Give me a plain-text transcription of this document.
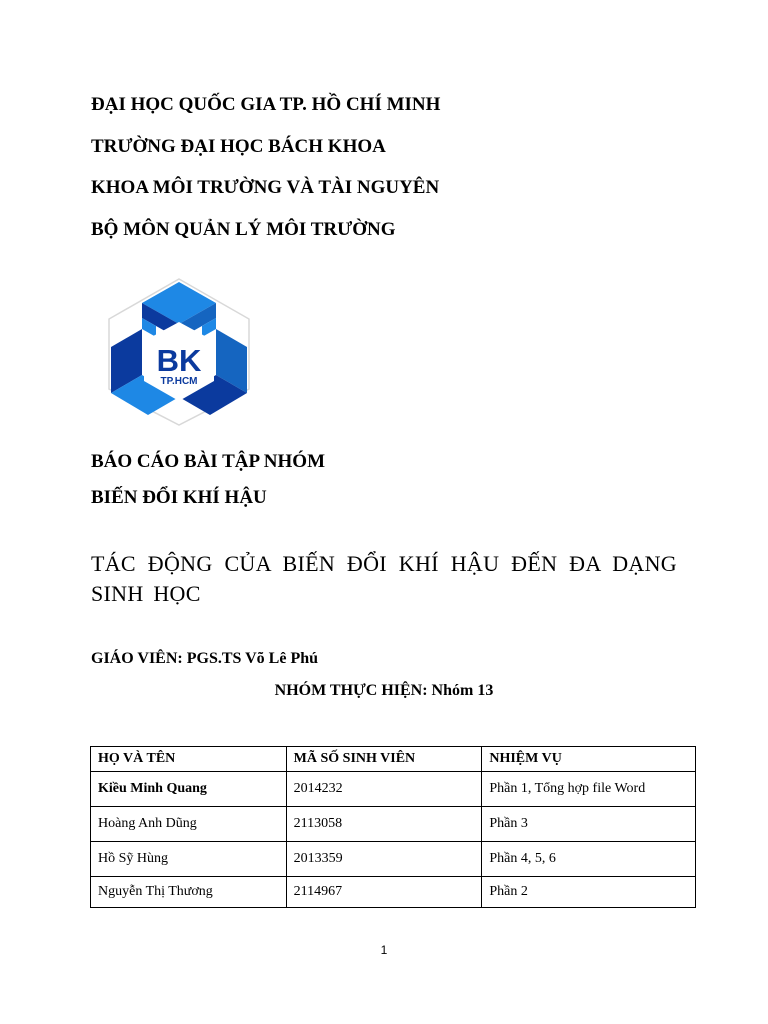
ĐẠI HỌC QUỐC GIA TP. HỒ CHÍ MINH
TRƯỜNG ĐẠI HỌC BÁCH KHOA
KHOA MÔI TRƯỜNG VÀ TÀI NGUYÊN
BỘ MÔN QUẢN LÝ MÔI TRƯỜNG
BK
TP.HCM
BÁO CÁO BÀI TẬP NHÓM
BIẾN ĐỔI KHÍ HẬU
TÁC ĐỘNG CỦA BIẾN ĐỔI KHÍ HẬU ĐẾN ĐA DẠNG SINH HỌC
GIÁO VIÊN: PGS.TS Võ Lê Phú
NHÓM THỰC HIỆN: Nhóm 13
HỌ VÀ TÊN	MÃ SỐ SINH VIÊN	NHIỆM VỤ
Kiều Minh Quang	2014232	Phần 1, Tổng hợp file Word
Hoàng Anh Dũng	2113058	Phần 3
Hồ Sỹ Hùng	2013359	Phần 4, 5, 6
Nguyễn Thị Thương	2114967	Phần 2
1
